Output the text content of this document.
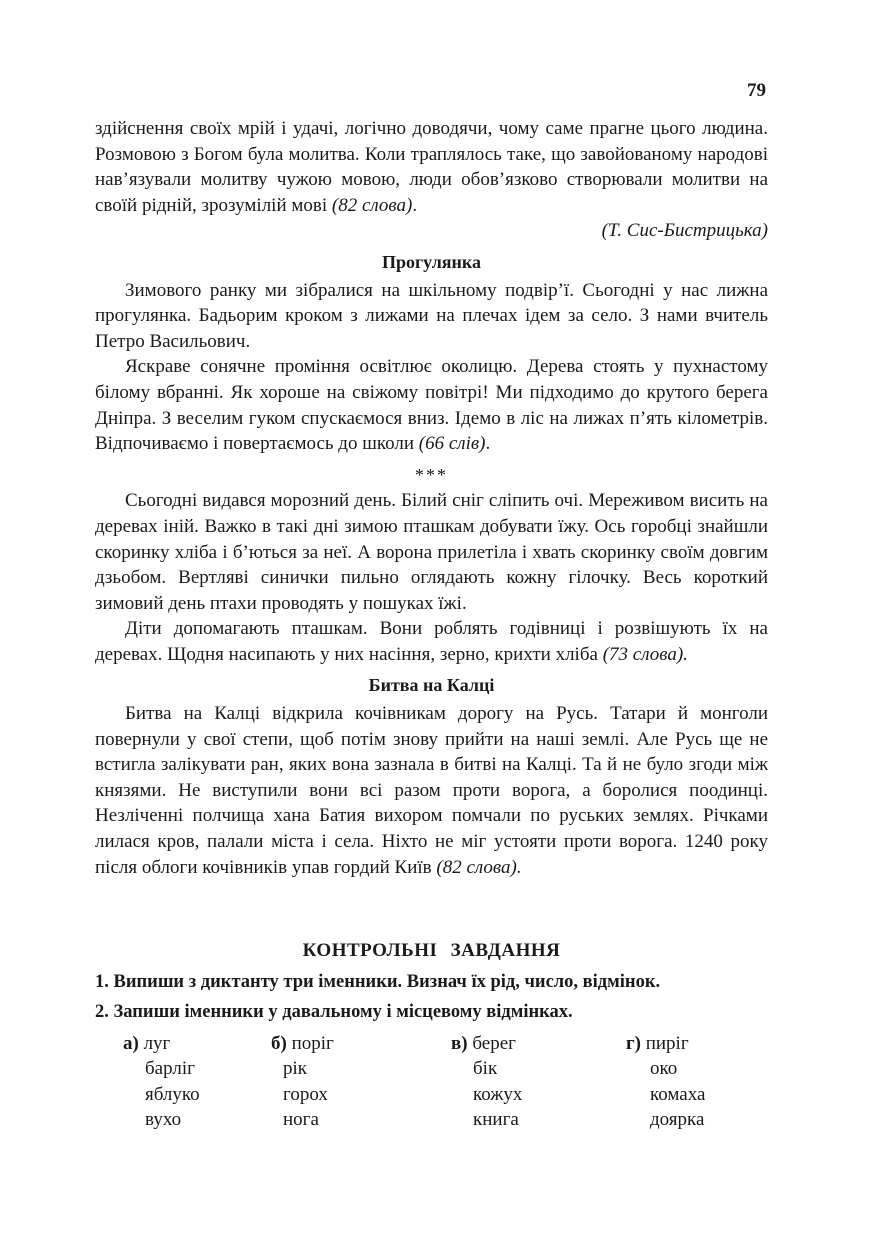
79

здійснення своїх мрій і удачі, логічно доводячи, чому саме прагне цього людина. Розмовою з Богом була молитва. Коли траплялось таке, що завойованому народові нав’язували молитву чужою мовою, люди обов’язково створювали молитви на своїй рідній, зрозумілій мові (82 слова).

(Т. Сис-Бистрицька)

Прогулянка

Зимового ранку ми зібралися на шкільному подвір’ї. Сьогодні у нас лижна прогулянка. Бадьорим кроком з лижами на плечах ідем за село. З нами вчитель Петро Васильович.

Яскраве сонячне проміння освітлює околицю. Дерева стоять у пухнастому білому вбранні. Як хороше на свіжому повітрі! Ми підходимо до крутого берега Дніпра. З веселим гуком спускаємося вниз. Ідемо в ліс на лижах п’ять кілометрів. Відпочиваємо і повертаємось до школи (66 слів).

***

Сьогодні видався морозний день. Білий сніг сліпить очі. Мереживом висить на деревах іній. Важко в такі дні зимою пташкам добувати їжу. Ось горобці знайшли скоринку хліба і б’ються за неї. А ворона прилетіла і хвать скоринку своїм довгим дзьобом. Вертляві синички пильно оглядають кожну гілочку. Весь короткий зимовий день птахи проводять у пошуках їжі.

Діти допомагають пташкам. Вони роблять годівниці і розвішують їх на деревах. Щодня насипають у них насіння, зерно, крихти хліба (73 слова).

Битва на Калці

Битва на Калці відкрила кочівникам дорогу на Русь. Татари й монголи повернули у свої степи, щоб потім знову прийти на наші землі. Але Русь ще не встигла залікувати ран, яких вона зазнала в битві на Калці. Та й не було згоди між князями. Не виступили вони всі разом проти ворога, а боролися поодинці. Незліченні полчища хана Батия вихором помчали по руських землях. Річками лилася кров, палали міста і села. Ніхто не міг устояти проти ворога. 1240 року після облоги кочівників упав гордий Київ (82 слова).

КОНТРОЛЬНІ ЗАВДАННЯ
1. Випиши з диктанту три іменники. Визнач їх рід, число, відмінок.
2. Запиши іменники у давальному і місцевому відмінках.
а) луг
барліг
яблуко
вухо
б) поріг
рік
горох
нога
в) берег
бік
кожух
книга
г) пиріг
око
комаха
доярка
